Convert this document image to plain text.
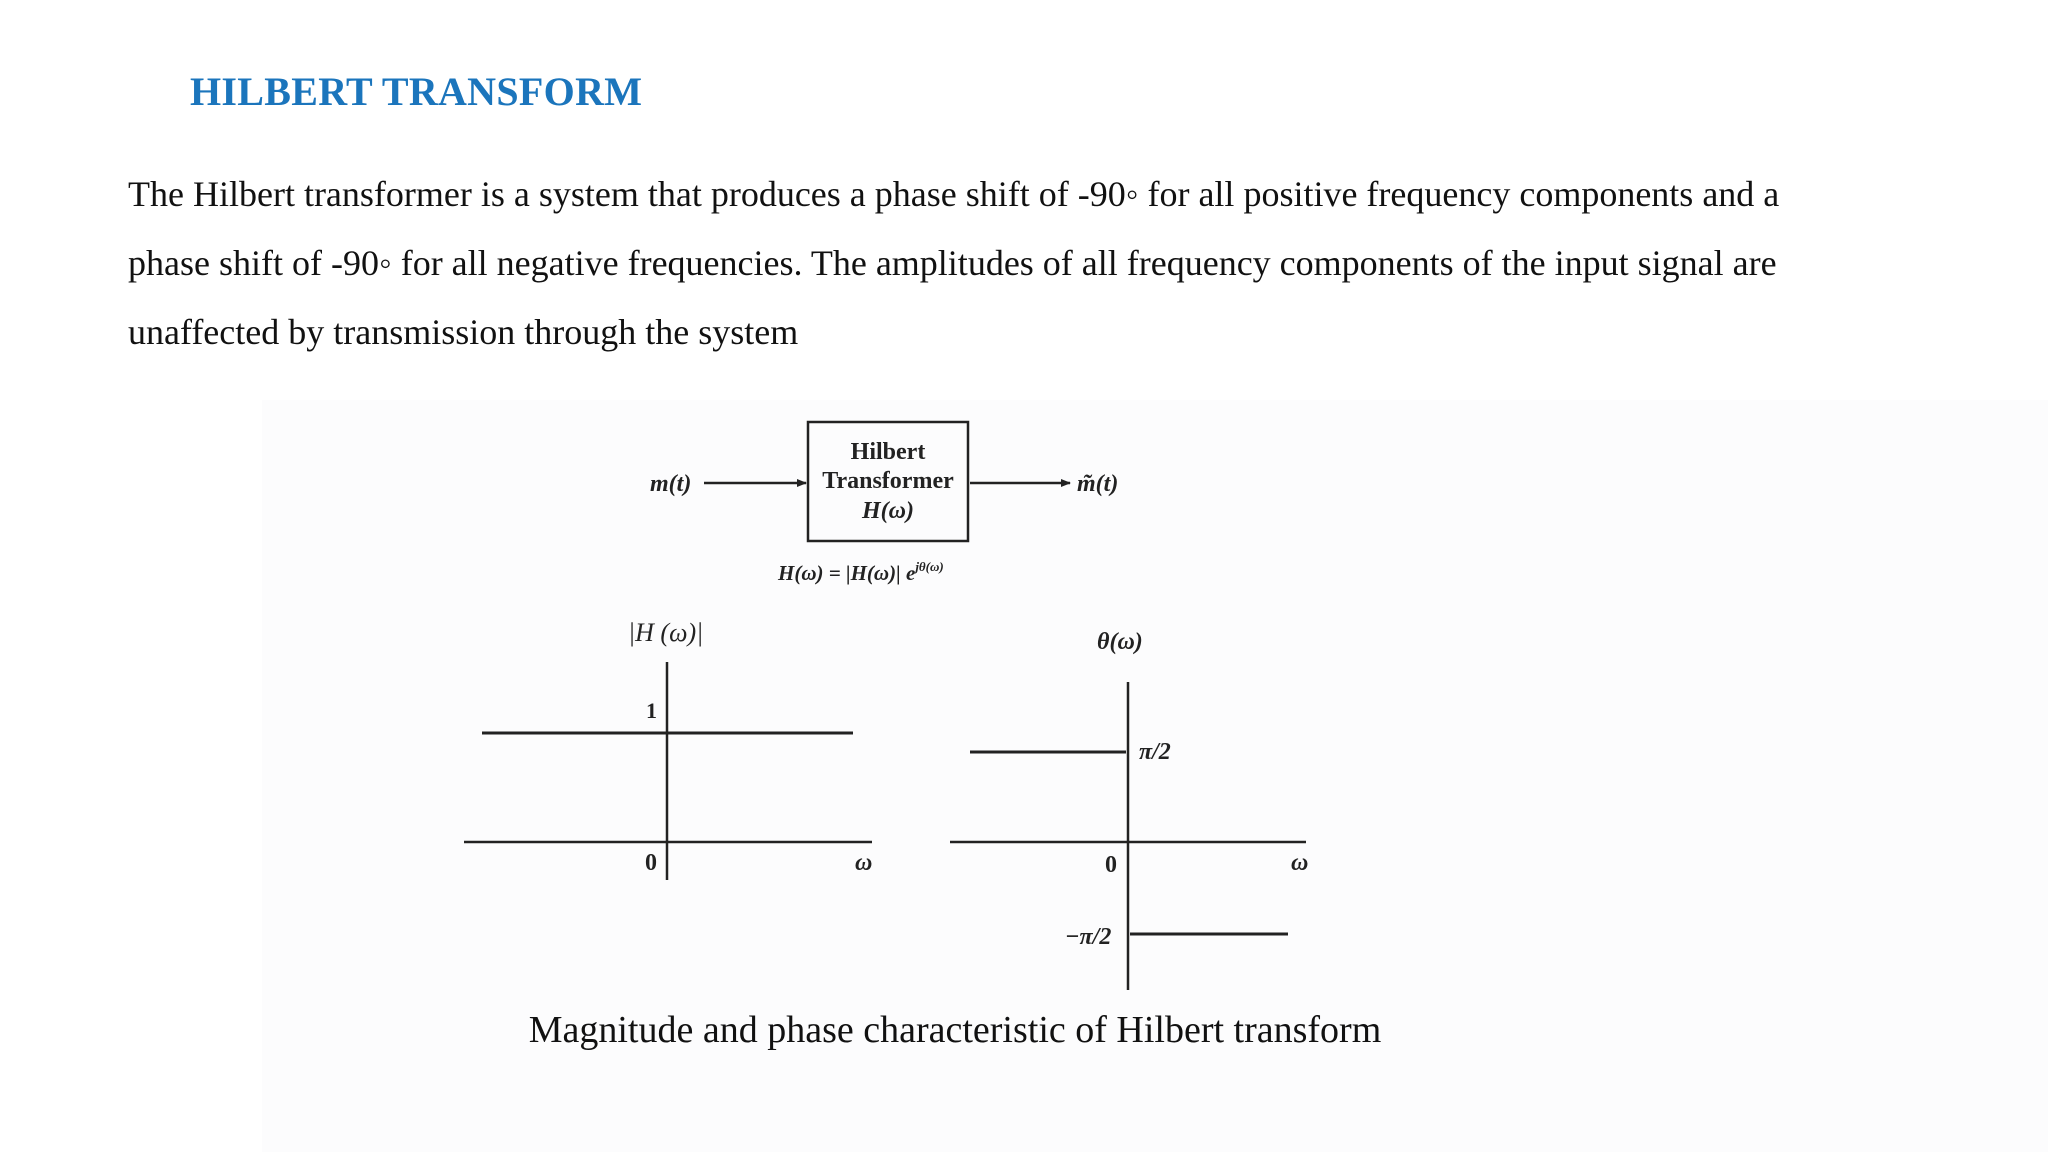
HILBERT TRANSFORM

The Hilbert transformer is a system that produces a phase shift of -90◦ for all positive frequency components and a
phase shift of -90◦ for all negative frequencies. The amplitudes of all frequency components of the input signal are
unaffected by transmission through the system

m(t)
Hilbert
Transformer
H(ω)
m̃(t)
H(ω) = |H(ω)| $e^{j\theta(\omega)}$
|H (ω)|
1
0	ω
θ(ω)
π/2
0
−π/2
ω
Magnitude and phase characteristic of Hilbert transform
